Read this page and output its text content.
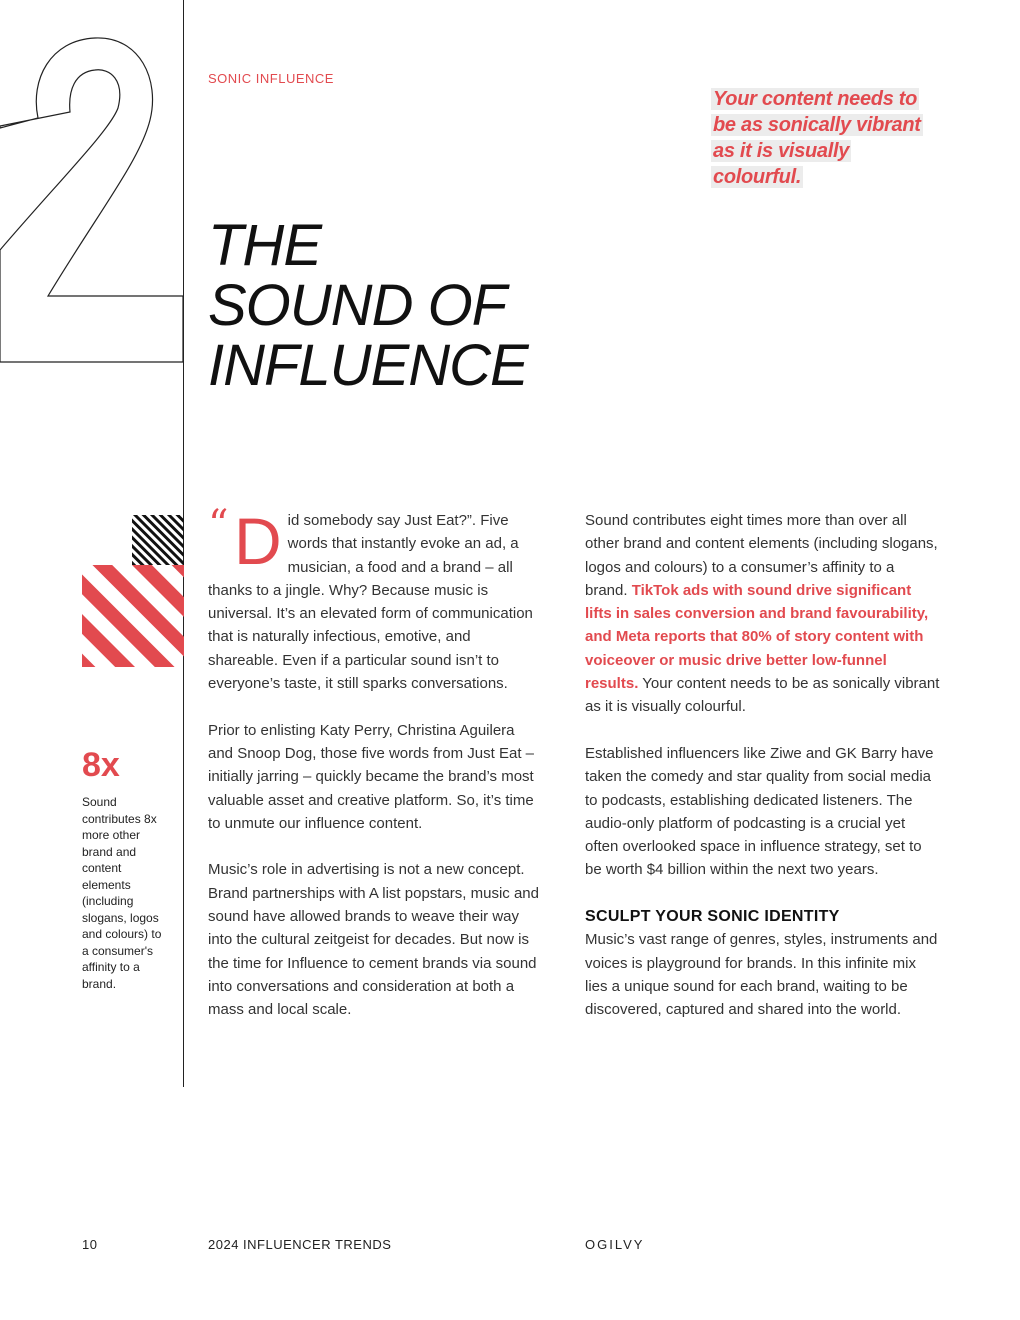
SONIC INFLUENCE
Your content needs to be as sonically vibrant as it is visually colourful.
THE
SOUND OF
INFLUENCE
8x
Sound contributes 8x more other brand and content elements (including slogans, logos and colours) to a consumer's affinity to a brand.

“ D id somebody say Just Eat?”. Five words that instantly evoke an ad, a musician, a food and a brand – all thanks to a jingle. Why? Because music is universal. It’s an elevated form of communication that is naturally infectious, emotive, and shareable. Even if a particular sound isn’t to everyone’s taste, it still sparks conversations.

Prior to enlisting Katy Perry, Christina Aguilera and Snoop Dog, those five words from Just Eat – initially jarring – quickly became the brand’s most valuable asset and creative platform. So, it’s time to unmute our influence content.

Music’s role in advertising is not a new concept. Brand partnerships with A list popstars, music and sound have allowed brands to weave their way into the cultural zeitgeist for decades. But now is the time for Influence to cement brands via sound into conversations and consideration at both a mass and local scale.

Sound contributes eight times more than over all other brand and content elements (including slogans, logos and colours) to a consumer’s affinity to a brand. TikTok ads with sound drive significant lifts in sales conversion and brand favourability, and Meta reports that 80% of story content with voiceover or music drive better low-funnel results. Your content needs to be as sonically vibrant as it is visually colourful.

Established influencers like Ziwe and GK Barry have taken the comedy and star quality from social media to podcasts, establishing dedicated listeners. The audio-only platform of podcasting is a crucial yet often overlooked space in influence strategy, set to be worth $4 billion within the next two years.

SCULPT YOUR SONIC IDENTITY

Music’s vast range of genres, styles, instruments and voices is playground for brands. In this infinite mix lies a unique sound for each brand, waiting to be discovered, captured and shared into the world.

10	2024 INFLUENCER TRENDS	OGILVY
